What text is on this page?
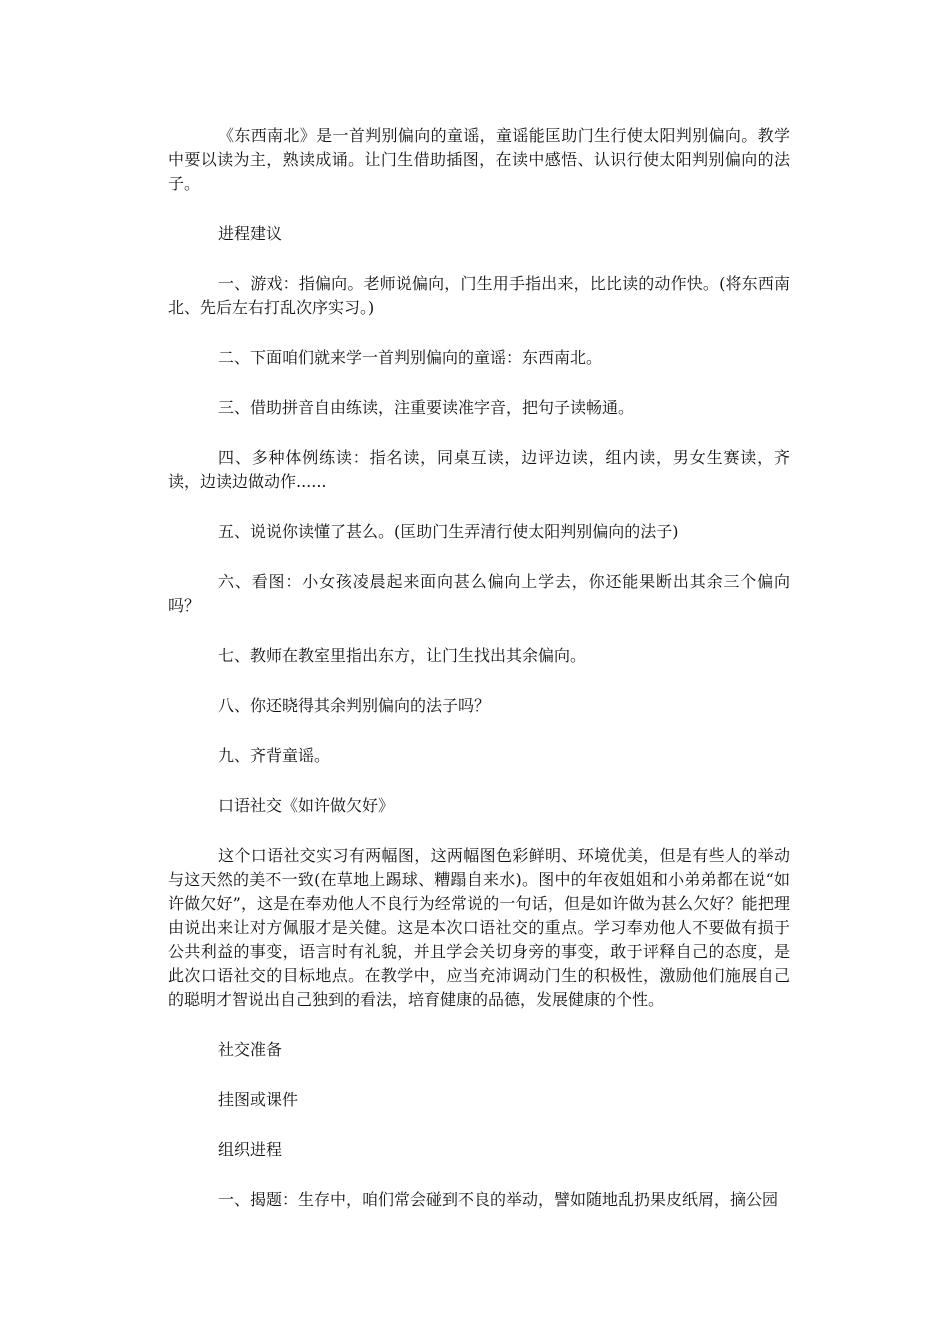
《东西南北》是一首判别偏向的童谣，童谣能匡助门生行使太阳判别偏向。教学中要以读为主，熟读成诵。让门生借助插图，在读中感悟、认识行使太阳判别偏向的法子。

进程建议

一、游戏：指偏向。老师说偏向，门生用手指出来，比比读的动作快。(将东西南北、先后左右打乱次序实习。)

二、下面咱们就来学一首判别偏向的童谣：东西南北。

三、借助拼音自由练读，注重要读准字音，把句子读畅通。

四、多种体例练读：指名读，同桌互读，边评边读，组内读，男女生赛读，齐读，边读边做动作......

五、说说你读懂了甚么。(匡助门生弄清行使太阳判别偏向的法子)

六、看图：小女孩凌晨起来面向甚么偏向上学去，你还能果断出其余三个偏向吗？

七、教师在教室里指出东方，让门生找出其余偏向。

八、你还晓得其余判别偏向的法子吗？

九、齐背童谣。

口语社交《如许做欠好》

这个口语社交实习有两幅图，这两幅图色彩鲜明、环境优美，但是有些人的举动与这天然的美不一致(在草地上踢球、糟蹋自来水)。图中的年夜姐姐和小弟弟都在说“如许做欠好”，这是在奉劝他人不良行为经常说的一句话，但是如许做为甚么欠好？能把理由说出来让对方佩服才是关健。这是本次口语社交的重点。学习奉劝他人不要做有损于公共利益的事变，语言时有礼貌，并且学会关切身旁的事变，敢于评释自己的态度，是此次口语社交的目标地点。在教学中，应当充沛调动门生的积极性，激励他们施展自己的聪明才智说出自己独到的看法，培育健康的品德，发展健康的个性。

社交准备

挂图或课件

组织进程

一、揭题：生存中，咱们常会碰到不良的举动，譬如随地乱扔果皮纸屑，摘公园
